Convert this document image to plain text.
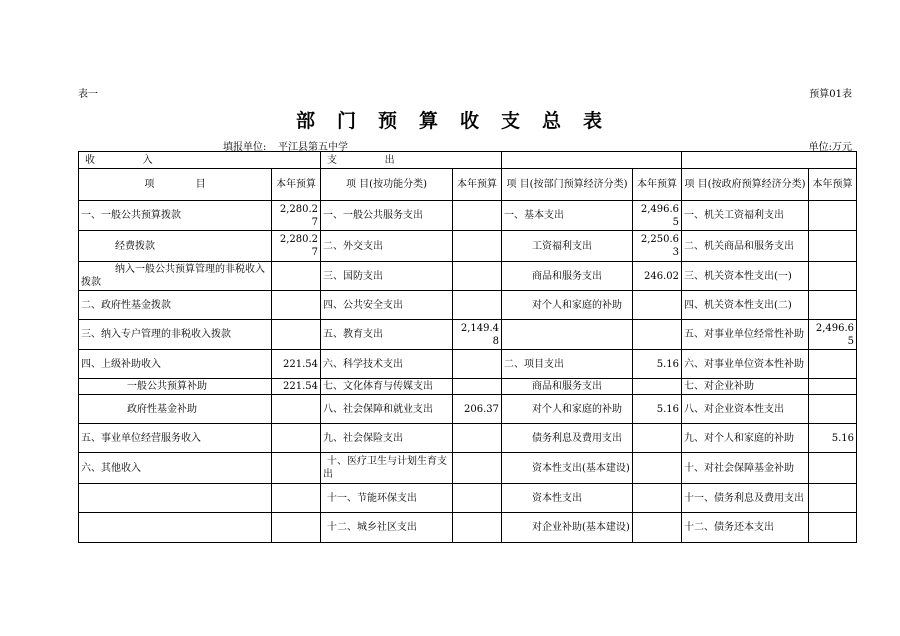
表一	预算01表
部门预算收支总表
填报单位: 平江县第五中学	单位:万元
收               入		支               出					
项             目	本年预算	项 目(按功能分类)	本年预算	项 目(按部门预算经济分类)	本年预算	项 目(按政府预算经济分类)	本年预算
一、一般公共预算拨款	2,280.27	一、一般公共服务支出		一、基本支出	2,496.65	一、机关工资福利支出	
经费拨款	2,280.27	二、外交支出		工资福利支出	2,250.63	二、机关商品和服务支出	
纳入一般公共预算管理的非税收入拨款		三、国防支出		商品和服务支出	246.02	三、机关资本性支出(一)	
二、政府性基金拨款		四、公共安全支出		对个人和家庭的补助		四、机关资本性支出(二)	
三、纳入专户管理的非税收入拨款		五、教育支出	2,149.48			五、对事业单位经常性补助	2,496.65
四、上级补助收入	221.54	六、科学技术支出		二、项目支出	5.16	六、对事业单位资本性补助	
一般公共预算补助	221.54	七、文化体育与传媒支出		商品和服务支出		七、对企业补助	
政府性基金补助		八、社会保障和就业支出	206.37	对个人和家庭的补助	5.16	八、对企业资本性支出	
五、事业单位经营服务收入		九、社会保险支出		债务利息及费用支出		九、对个人和家庭的补助	5.16
六、其他收入		十、医疗卫生与计划生育支出		资本性支出(基本建设)		十、对社会保障基金补助	
		十一、节能环保支出		资本性支出		十一、债务利息及费用支出	
		十二、城乡社区支出		对企业补助(基本建设)		十二、债务还本支出	
